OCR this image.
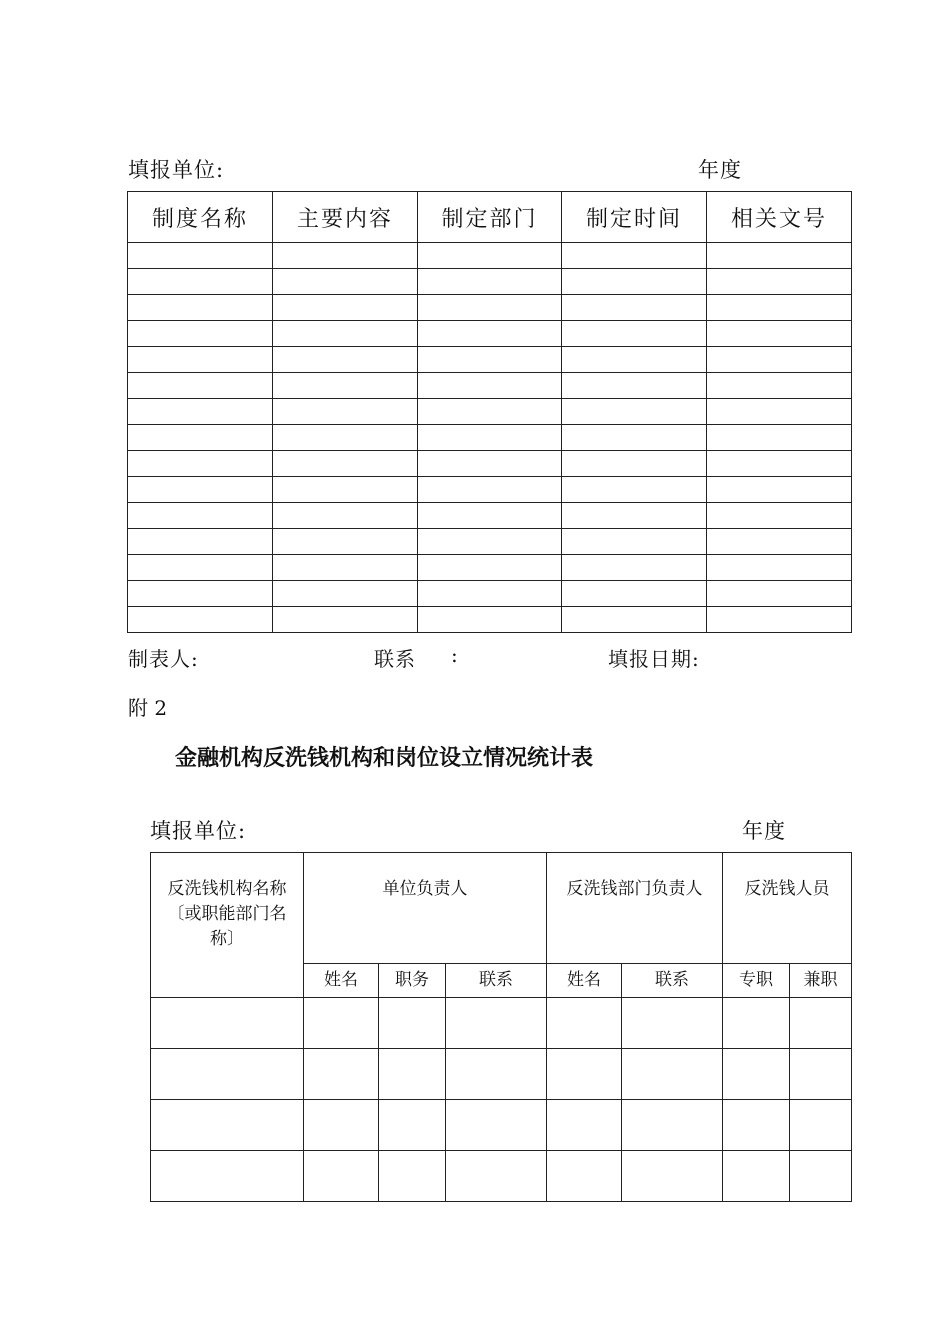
填报单位:	年度
制度名称	主要内容	制定部门	制定时间	相关文号

制表人:	联系 :	填报日期:
附 2
金融机构反洗钱机构和岗位设立情况统计表
填报单位:	年度
反洗钱机构名称〔或职能部门名称〕	单位负责人			反洗钱部门负责人		反洗钱人员	
	姓名	职务	联系	姓名	联系	专职	兼职
